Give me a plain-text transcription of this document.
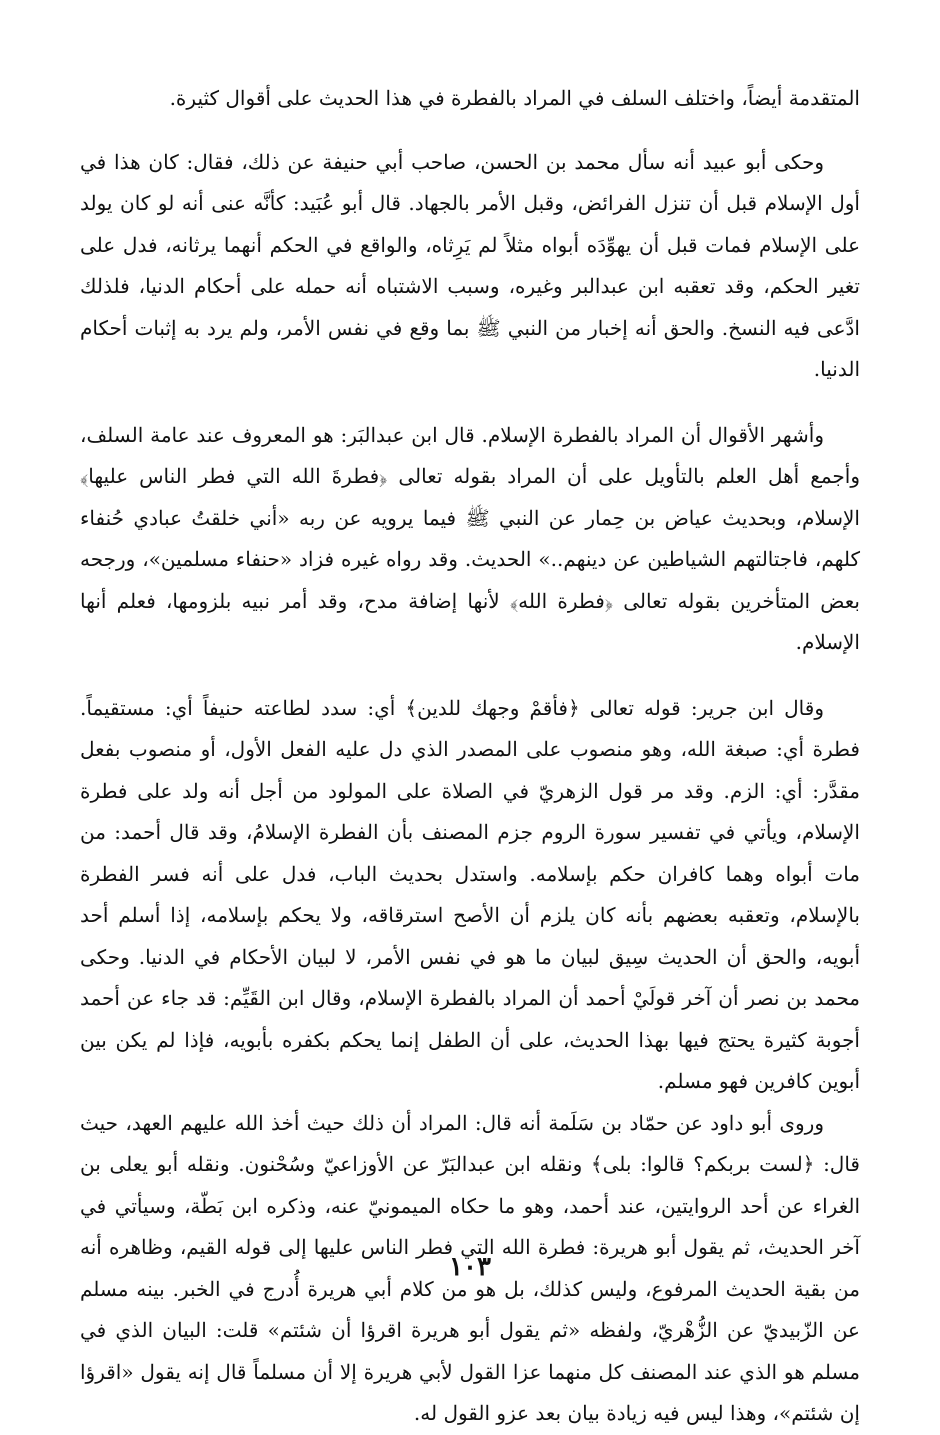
المتقدمة أيضاً، واختلف السلف في المراد بالفطرة في هذا الحديث على أقوال كثيرة.

وحكى أبو عبيد أنه سأل محمد بن الحسن، صاحب أبي حنيفة عن ذلك، فقال: كان هذا في أول الإسلام قبل أن تنزل الفرائض، وقبل الأمر بالجهاد. قال أبو عُبَيد: كأنَّه عنى أنه لو كان يولد على الإسلام فمات قبل أن يهوِّدَه أبواه مثلاً لم يَرِثاه، والواقع في الحكم أنهما يرثانه، فدل على تغير الحكم، وقد تعقبه ابن عبدالبر وغيره، وسبب الاشتباه أنه حمله على أحكام الدنيا، فلذلك ادَّعى فيه النسخ. والحق أنه إخبار من النبي ﷺ بما وقع في نفس الأمر، ولم يرد به إثبات أحكام الدنيا.

وأشهر الأقوال أن المراد بالفطرة الإسلام. قال ابن عبدالبَر: هو المعروف عند عامة السلف، وأجمع أهل العلم بالتأويل على أن المراد بقوله تعالى ﴿فطرةَ الله التي فطر الناس عليها﴾ الإسلام، وبحديث عياض بن حِمار عن النبي ﷺ فيما يرويه عن ربه «أني خلقتُ عبادي حُنفاء كلهم، فاجتالتهم الشياطين عن دينهم..» الحديث. وقد رواه غيره فزاد «حنفاء مسلمين»، ورجحه بعض المتأخرين بقوله تعالى ﴿فطرة الله﴾ لأنها إضافة مدح، وقد أمر نبيه بلزومها، فعلم أنها الإسلام.

وقال ابن جرير: قوله تعالى ﴿فأقمْ وجهك للدين﴾ أي: سدد لطاعته حنيفاً أي: مستقيماً. فطرة أي: صبغة الله، وهو منصوب على المصدر الذي دل عليه الفعل الأول، أو منصوب بفعل مقدَّر: أي: الزم. وقد مر قول الزهريّ في الصلاة على المولود من أجل أنه ولد على فطرة الإسلام، ويأتي في تفسير سورة الروم جزم المصنف بأن الفطرة الإسلامُ، وقد قال أحمد: من مات أبواه وهما كافران حكم بإسلامه. واستدل بحديث الباب، فدل على أنه فسر الفطرة بالإسلام، وتعقبه بعضهم بأنه كان يلزم أن الأصح استرقاقه، ولا يحكم بإسلامه، إذا أسلم أحد أبويه، والحق أن الحديث سِيق لبيان ما هو في نفس الأمر، لا لبيان الأحكام في الدنيا. وحكى محمد بن نصر أن آخر قولَيْ أحمد أن المراد بالفطرة الإسلام، وقال ابن القَيِّم: قد جاء عن أحمد أجوبة كثيرة يحتج فيها بهذا الحديث، على أن الطفل إنما يحكم بكفره بأبويه، فإذا لم يكن بين أبوين كافرين فهو مسلم.

وروى أبو داود عن حمّاد بن سَلَمة أنه قال: المراد أن ذلك حيث أخذ الله عليهم العهد، حيث قال: ﴿لست بربكم؟ قالوا: بلى﴾ ونقله ابن عبدالبَرّ عن الأوزاعيّ وسُحْنون. ونقله أبو يعلى بن الغراء عن أحد الروايتين، عند أحمد، وهو ما حكاه الميمونيّ عنه، وذكره ابن بَطّة، وسيأتي في آخر الحديث، ثم يقول أبو هريرة: فطرة الله التي فطر الناس عليها إلى قوله القيم، وظاهره أنه من بقية الحديث المرفوع، وليس كذلك، بل هو من كلام أبي هريرة أُدرج في الخبر. بينه مسلم عن الزّبيديّ عن الزُّهْريّ، ولفظه «ثم يقول أبو هريرة اقرؤا أن شئتم» قلت: البيان الذي في مسلم هو الذي عند المصنف كل منهما عزا القول لأبي هريرة إلا أن مسلماً قال إنه يقول «اقرؤا إن شئتم»، وهذا ليس فيه زيادة بيان بعد عزو القول له.

١٠٣
